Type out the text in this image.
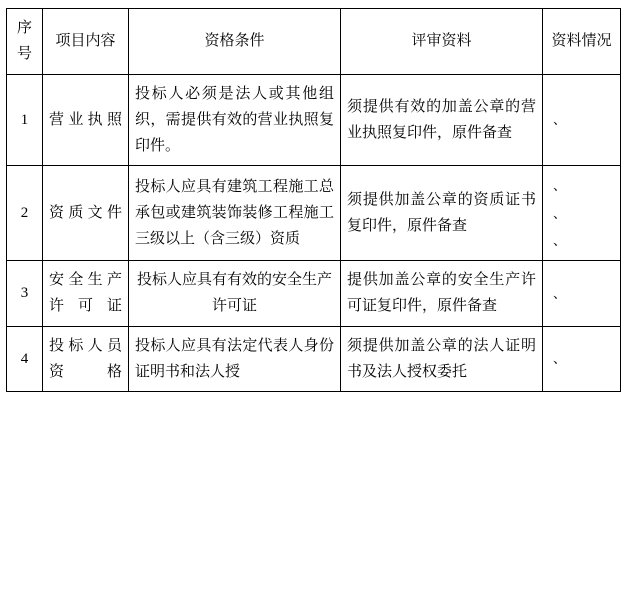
序号	项目内容	资格条件	评审资料	资料情况
1	营业执照	投标人必须是法人或其他组织，需提供有效的营业执照复印件。	须提供有效的加盖公章的营业执照复印件，原件备查	、

2	资质文件	投标人应具有建筑工程施工总承包或建筑装饰装修工程施工三级以上（含三级）资质	须提供加盖公章的资质证书复印件，原件备查	、
、
、

3	安全生产许可证	投标人应具有有效的安全生产许可证	提供加盖公章的安全生产许可证复印件，原件备查	、

4	投标人员资格	投标人应具有法定代表人身份证明书和法人授	须提供加盖公章的法人证明书及法人授权委托	、
